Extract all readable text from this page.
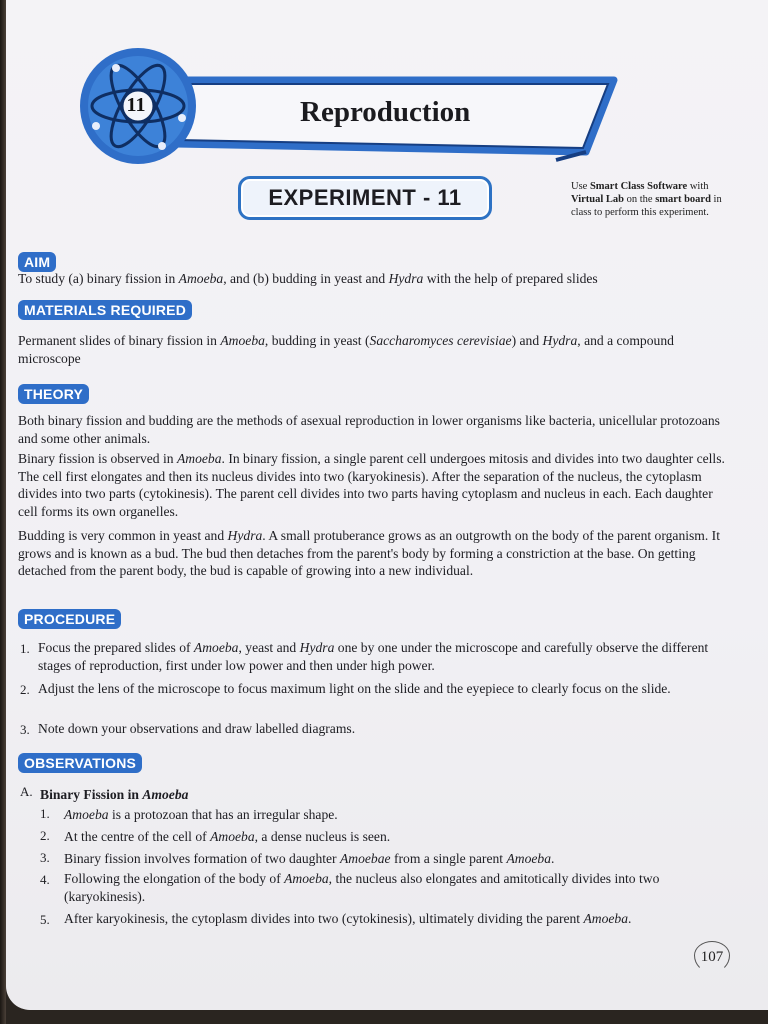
11	Reproduction
EXPERIMENT - 11	Use Smart Class Software with
Virtual Lab on the smart board in
class to perform this experiment.
AIM
To study (a) binary fission in Amoeba, and (b) budding in yeast and Hydra with the help of prepared slides
MATERIALS REQUIRED
Permanent slides of binary fission in Amoeba, budding in yeast (Saccharomyces cerevisiae) and Hydra, and a compound microscope
THEORY
Both binary fission and budding are the methods of asexual reproduction in lower organisms like bacteria, unicellular protozoans and some other animals.
Binary fission is observed in Amoeba. In binary fission, a single parent cell undergoes mitosis and divides into two daughter cells. The cell first elongates and then its nucleus divides into two (karyokinesis). After the separation of the nucleus, the cytoplasm divides into two parts (cytokinesis). The parent cell divides into two parts having cytoplasm and nucleus in each. Each daughter cell forms its own organelles.
Budding is very common in yeast and Hydra. A small protuberance grows as an outgrowth on the body of the parent organism. It grows and is known as a bud. The bud then detaches from the parent's body by forming a constriction at the base. On getting detached from the parent body, the bud is capable of growing into a new individual.
PROCEDURE
1. Focus the prepared slides of Amoeba, yeast and Hydra one by one under the microscope and carefully observe the different stages of reproduction, first under low power and then under high power.
2. Adjust the lens of the microscope to focus maximum light on the slide and the eyepiece to clearly focus on the slide.
3. Note down your observations and draw labelled diagrams.
OBSERVATIONS
A. Binary Fission in Amoeba
1. Amoeba is a protozoan that has an irregular shape.
2. At the centre of the cell of Amoeba, a dense nucleus is seen.
3. Binary fission involves formation of two daughter Amoebae from a single parent Amoeba.
4. Following the elongation of the body of Amoeba, the nucleus also elongates and amitotically divides into two (karyokinesis).
5. After karyokinesis, the cytoplasm divides into two (cytokinesis), ultimately dividing the parent Amoeba.
107
